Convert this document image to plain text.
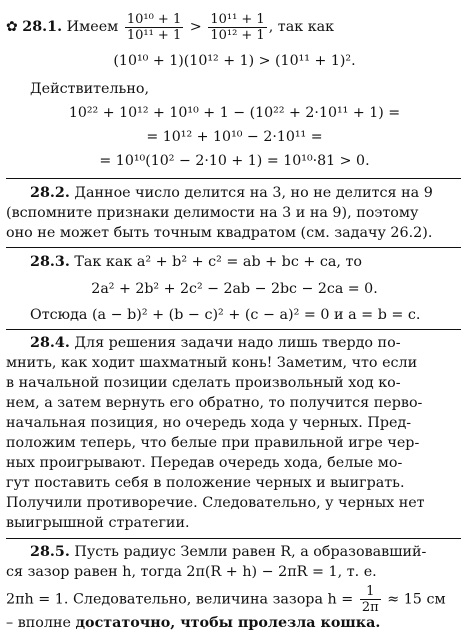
✿ 28.1. Имеем $\frac{\text{10¹⁰ + 1}}{\text{10¹¹ + 1}} > \frac{\text{10¹¹ + 1}}{\text{10¹² + 1}}$ , так как
(10¹⁰ + 1)(10¹² + 1) > (10¹¹ + 1)².
Действительно,
10²² + 10¹² + 10¹⁰ + 1 − (10²² + 2·10¹¹ + 1) =
= 10¹² + 10¹⁰ − 2·10¹¹ =
= 10¹⁰(10² − 2·10 + 1) = 10¹⁰·81 > 0.
28.2. Данное число делится на 3, но не делится на 9
(вспомните признаки делимости на 3 и на 9), поэтому
оно не может быть точным квадратом (см. задачу 26.2).
28.3. Так как a² + b² + c² = ab + bc + ca, то
2a² + 2b² + 2c² − 2ab − 2bc − 2ca = 0.
Отсюда (a − b)² + (b − c)² + (c − a)² = 0 и a = b = c.
28.4. Для решения задачи надо лишь твердо по-
мнить, как ходит шахматный конь! Заметим, что если
в начальной позиции сделать произвольный ход ко-
нем, а затем вернуть его обратно, то получится перво-
начальная позиция, но очередь хода у черных. Пред-
положим теперь, что белые при правильной игре чер-
ных проигрывают. Передав очередь хода, белые мо-
гут поставить себя в положение черных и выиграть.
Получили противоречие. Следовательно, у черных нет
выигрышной стратегии.
28.5. Пусть радиус Земли равен R, а образовавший-
ся зазор равен h, тогда 2π(R + h) − 2πR = 1, т. е.
2πh = 1. Следовательно, величина зазора $h = \frac{1}{2\pi} \approx 15$ см
– вполне достаточно, чтобы пролезла кошка.
